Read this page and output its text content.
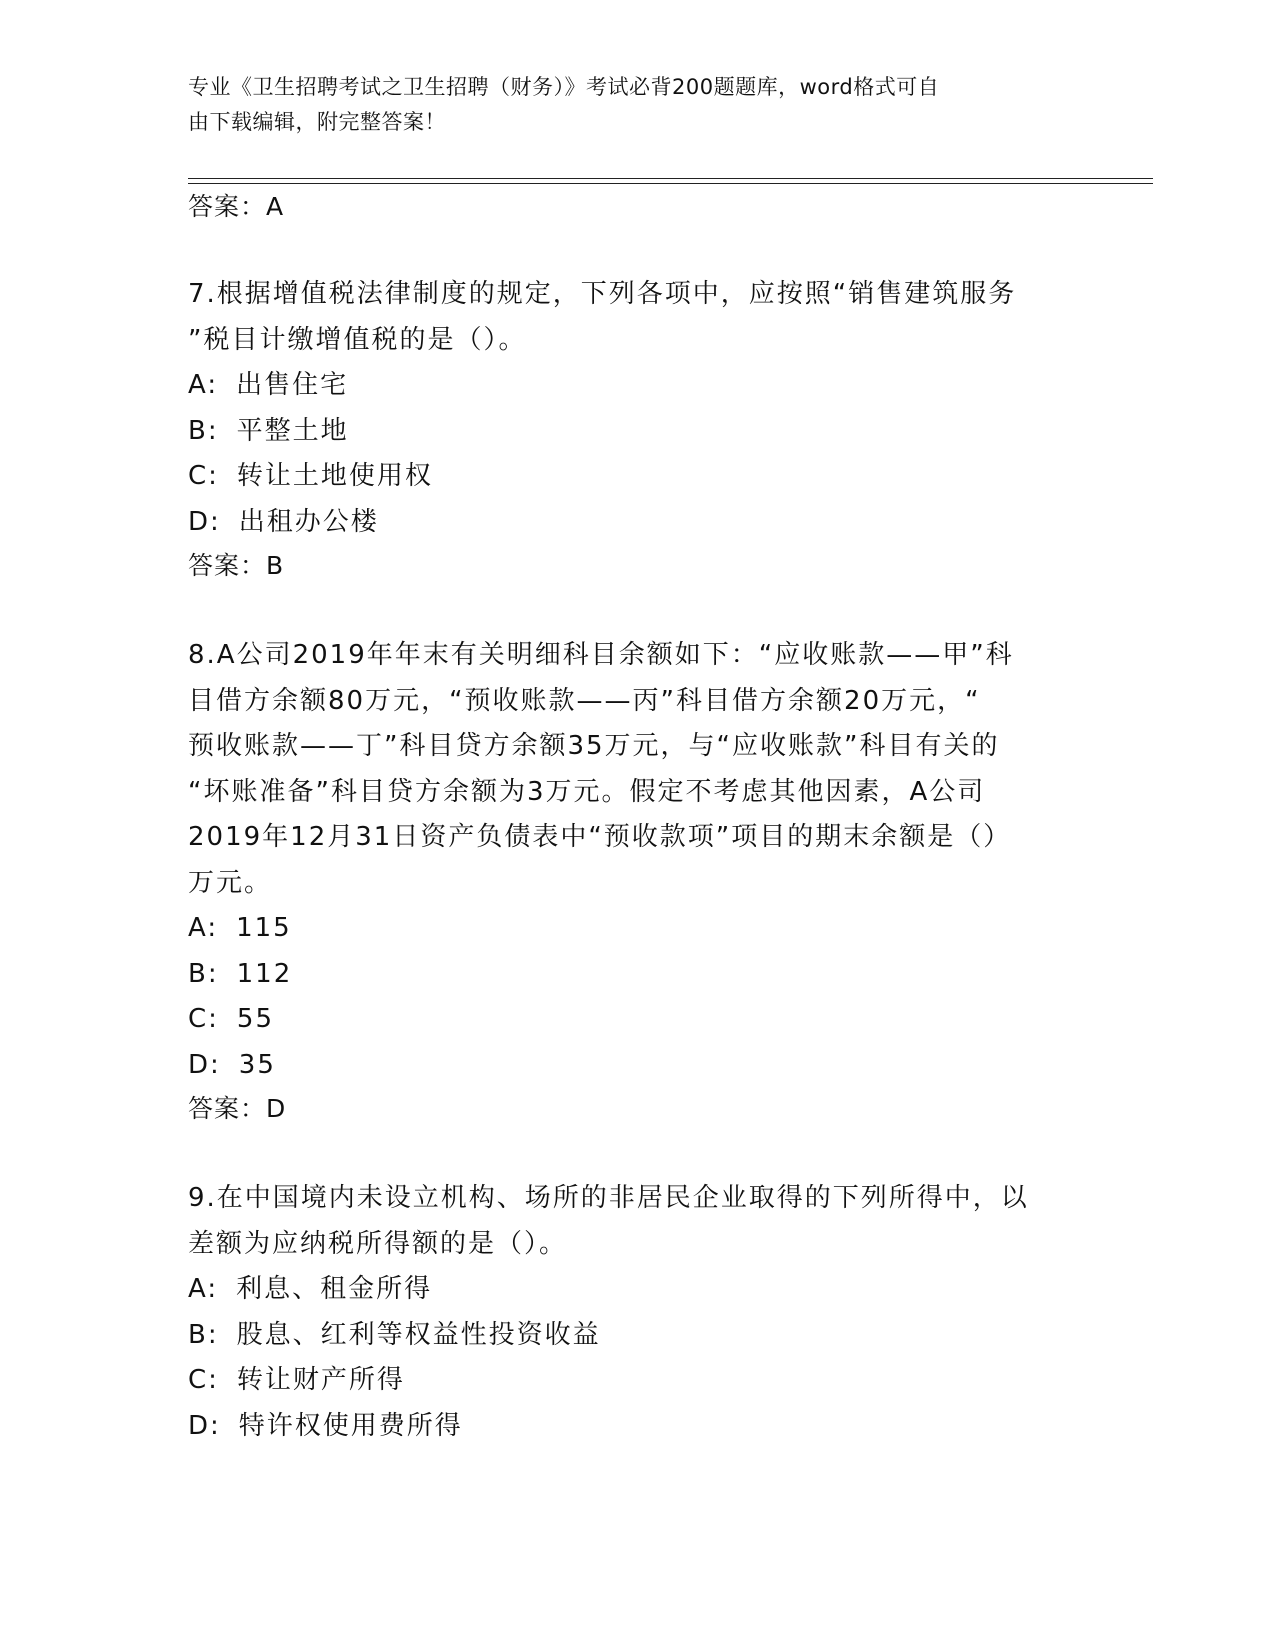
专业《卫生招聘考试之卫生招聘（财务）》考试必背200题题库，word格式可自
由下载编辑，附完整答案！

答案：A

7.根据增值税法律制度的规定，下列各项中，应按照“销售建筑服务

”税目计缴增值税的是（）。

A: 出售住宅
B: 平整土地
C: 转让土地使用权
D: 出租办公楼

答案：B

8.A公司2019年年末有关明细科目余额如下：“应收账款——甲”科

目借方余额80万元，“预收账款——丙”科目借方余额20万元，“

预收账款——丁”科目贷方余额35万元，与“应收账款”科目有关的

“坏账准备”科目贷方余额为3万元。假定不考虑其他因素，A公司

2019年12月31日资产负债表中“预收款项”项目的期末余额是（）

万元。

A: 115
B: 112
C: 55
D: 35

答案：D

9.在中国境内未设立机构、场所的非居民企业取得的下列所得中，以

差额为应纳税所得额的是（）。

A: 利息、租金所得
B: 股息、红利等权益性投资收益
C: 转让财产所得
D: 特许权使用费所得
